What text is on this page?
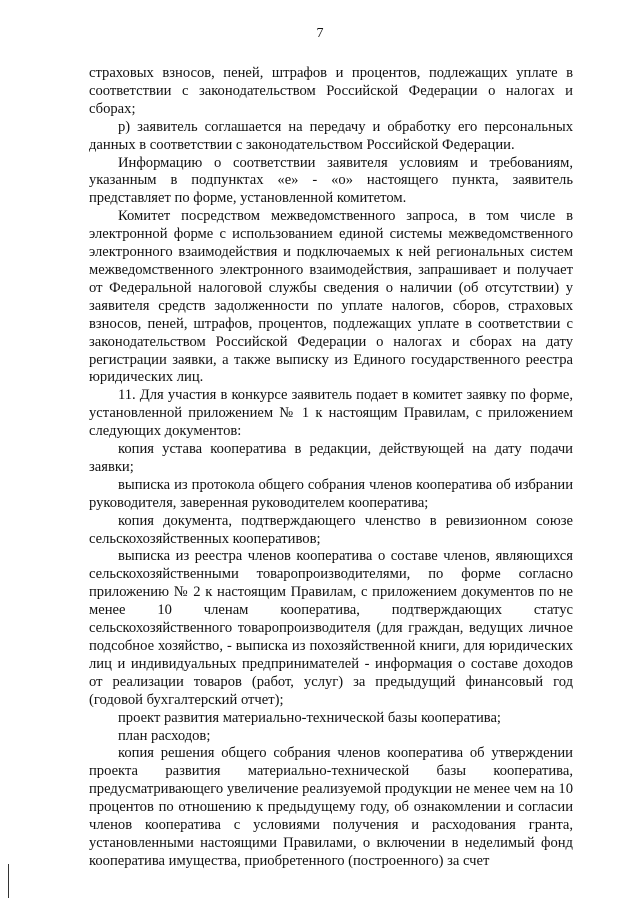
7

страховых взносов, пеней, штрафов и процентов, подлежащих уплате в соответствии с законодательством Российской Федерации о налогах и сборах;

р) заявитель соглашается на передачу и обработку его персональных данных в соответствии с законодательством Российской Федерации.

Информацию о соответствии заявителя условиям и требованиям, указанным в подпунктах «е» - «о» настоящего пункта, заявитель представляет по форме, установленной комитетом.

Комитет посредством межведомственного запроса, в том числе в электронной форме с использованием единой системы межведомственного электронного взаимодействия и подключаемых к ней региональных систем межведомственного электронного взаимодействия, запрашивает и получает от Федеральной налоговой службы сведения о наличии (об отсутствии) у заявителя средств задолженности по уплате налогов, сборов, страховых взносов, пеней, штрафов, процентов, подлежащих уплате в соответствии с законодательством Российской Федерации о налогах и сборах на дату регистрации заявки, а также выписку из Единого государственного реестра юридических лиц.

11. Для участия в конкурсе заявитель подает в комитет заявку по форме, установленной приложением № 1 к настоящим Правилам, с приложением следующих документов:

копия устава кооператива в редакции, действующей на дату подачи заявки;

выписка из протокола общего собрания членов кооператива об избрании руководителя, заверенная руководителем кооператива;

копия документа, подтверждающего членство в ревизионном союзе сельскохозяйственных кооперативов;

выписка из реестра членов кооператива о составе членов, являющихся сельскохозяйственными товаропроизводителями, по форме согласно приложению № 2 к настоящим Правилам, с приложением документов по не менее 10 членам кооператива, подтверждающих статус сельскохозяйственного товаропроизводителя (для граждан, ведущих личное подсобное хозяйство, - выписка из похозяйственной книги, для юридических лиц и индивидуальных предпринимателей - информация о составе доходов от реализации товаров (работ, услуг) за предыдущий финансовый год (годовой бухгалтерский отчет);

проект развития материально-технической базы кооператива;

план расходов;

копия решения общего собрания членов кооператива об утверждении проекта развития материально-технической базы кооператива, предусматривающего увеличение реализуемой продукции не менее чем на 10 процентов по отношению к предыдущему году, об ознакомлении и согласии членов кооператива с условиями получения и расходования гранта, установленными настоящими Правилами, о включении в неделимый фонд кооператива имущества, приобретенного (построенного) за счет
